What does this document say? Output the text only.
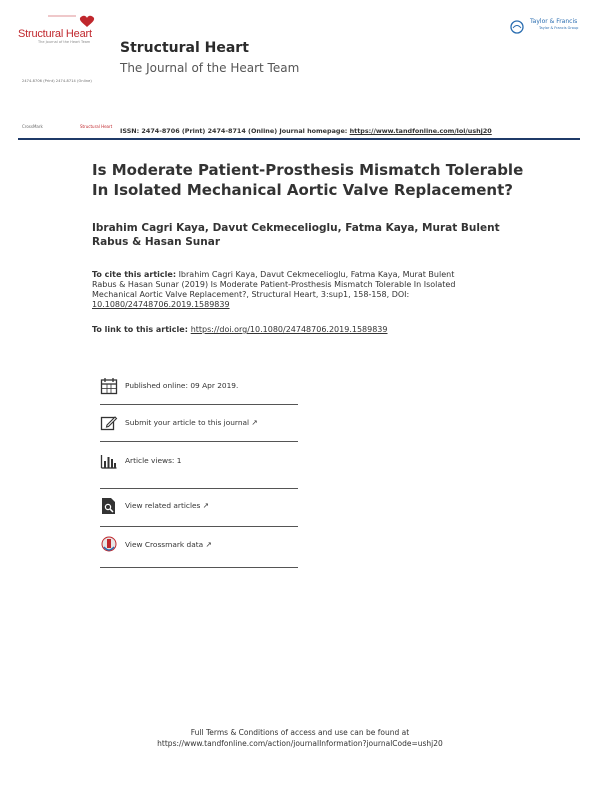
Structural Heart
The Journal of the Heart Team
2474-8706 (Print) 2474-8714 (Online)
Structural Heart
The Journal of the Heart Team
Taylor & Francis
Taylor & Francis Group
CrossMark	Structural Heart
ISSN: 2474-8706 (Print) 2474-8714 (Online) Journal homepage: https://www.tandfonline.com/loi/ushj20
Is Moderate Patient-Prosthesis Mismatch Tolerable In Isolated Mechanical Aortic Valve Replacement?
Ibrahim Cagri Kaya, Davut Cekmecelioglu, Fatma Kaya, Murat Bulent Rabus & Hasan Sunar
To cite this article: Ibrahim Cagri Kaya, Davut Cekmecelioglu, Fatma Kaya, Murat Bulent Rabus & Hasan Sunar (2019) Is Moderate Patient-Prosthesis Mismatch Tolerable In Isolated Mechanical Aortic Valve Replacement?, Structural Heart, 3:sup1, 158-158, DOI:
10.1080/24748706.2019.1589839
To link to this article: https://doi.org/10.1080/24748706.2019.1589839
Published online: 09 Apr 2019.
Submit your article to this journal ↗
Article views: 1
View related articles ↗
View Crossmark data ↗
Full Terms & Conditions of access and use can be found at
https://www.tandfonline.com/action/journalInformation?journalCode=ushj20
